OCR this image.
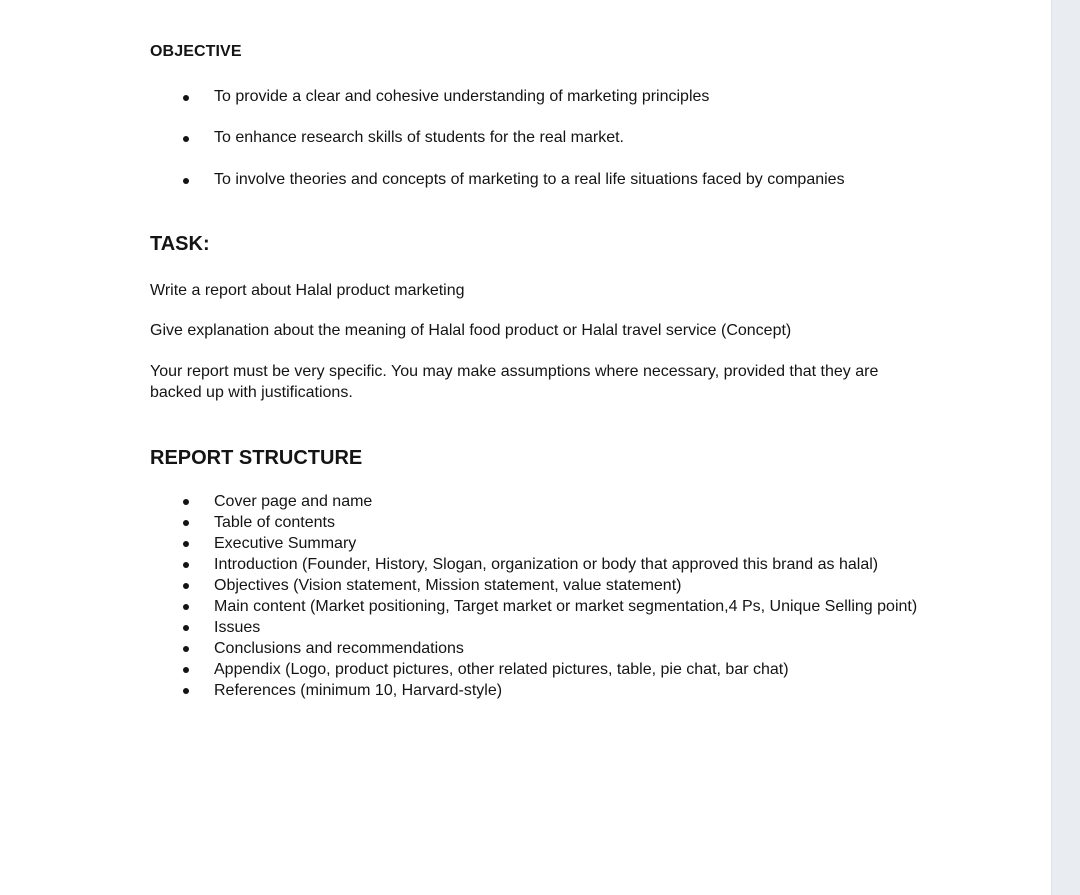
OBJECTIVE
To provide a clear and cohesive understanding of marketing principles
To enhance research skills of students for the real market.
To involve theories and concepts of marketing to a real life situations faced by companies
TASK:
Write a report about Halal product marketing
Give explanation about the meaning of Halal food product or Halal travel service (Concept)
Your report must be very specific. You may make assumptions where necessary, provided that they are backed up with justifications.
REPORT STRUCTURE
Cover page and name
Table of contents
Executive Summary
Introduction (Founder, History, Slogan, organization or body that approved this brand as halal)
Objectives (Vision statement, Mission statement, value statement)
Main content (Market positioning, Target market or market segmentation,4 Ps, Unique Selling point)
Issues
Conclusions and recommendations
Appendix (Logo, product pictures, other related pictures, table, pie chat, bar chat)
References (minimum 10, Harvard-style)
